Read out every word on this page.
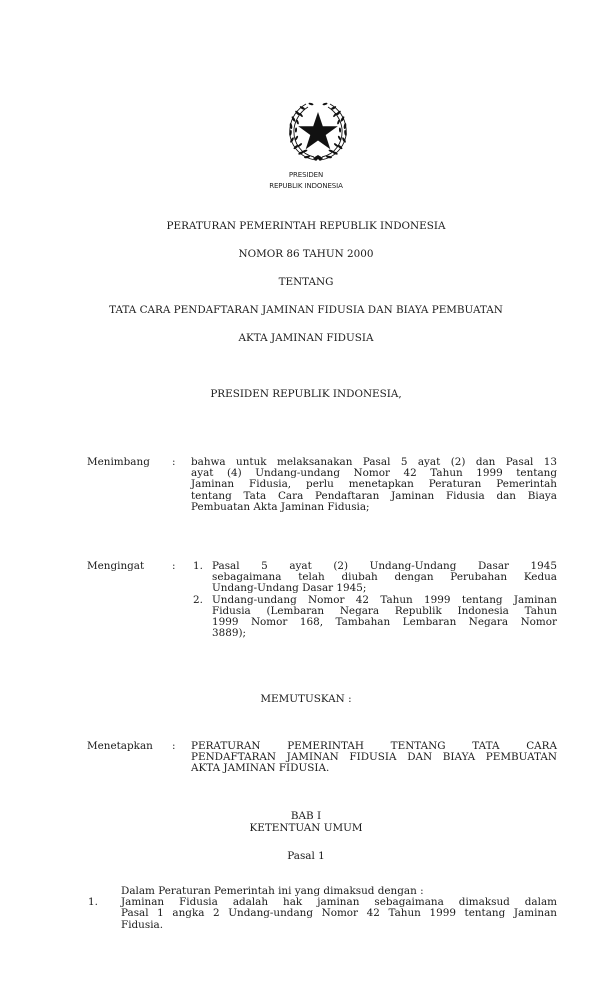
PRESIDEN
REPUBLIK INDONESIA
PERATURAN PEMERINTAH REPUBLIK INDONESIA
NOMOR 86 TAHUN 2000
TENTANG
TATA CARA PENDAFTARAN JAMINAN FIDUSIA DAN BIAYA PEMBUATAN
AKTA JAMINAN FIDUSIA
PRESIDEN REPUBLIK INDONESIA,
Menimbang : bahwa untuk melaksanakan Pasal 5 ayat (2) dan Pasal 13
ayat (4) Undang-undang Nomor 42 Tahun 1999 tentang
Jaminan Fidusia, perlu menetapkan Peraturan Pemerintah
tentang Tata Cara Pendaftaran Jaminan Fidusia dan Biaya
Pembuatan Akta Jaminan Fidusia;
Mengingat	: 1. Pasal 5 ayat (2) Undang-Undang Dasar 1945
sebagaimana telah diubah dengan Perubahan Kedua
Undang-Undang Dasar 1945;
2. Undang-undang Nomor 42 Tahun 1999 tentang Jaminan
Fidusia (Lembaran Negara Republik Indonesia Tahun
1999 Nomor 168, Tambahan Lembaran Negara Nomor
3889);
MEMUTUSKAN :
Menetapkan : PERATURAN PEMERINTAH TENTANG TATA CARA
PENDAFTARAN JAMINAN FIDUSIA DAN BIAYA PEMBUATAN
AKTA JAMINAN FIDUSIA.
BAB I
KETENTUAN UMUM
Pasal 1
Dalam Peraturan Pemerintah ini yang dimaksud dengan :
1. Jaminan Fidusia adalah hak jaminan sebagaimana dimaksud dalam
Pasal 1 angka 2 Undang-undang Nomor 42 Tahun 1999 tentang Jaminan
Fidusia.
